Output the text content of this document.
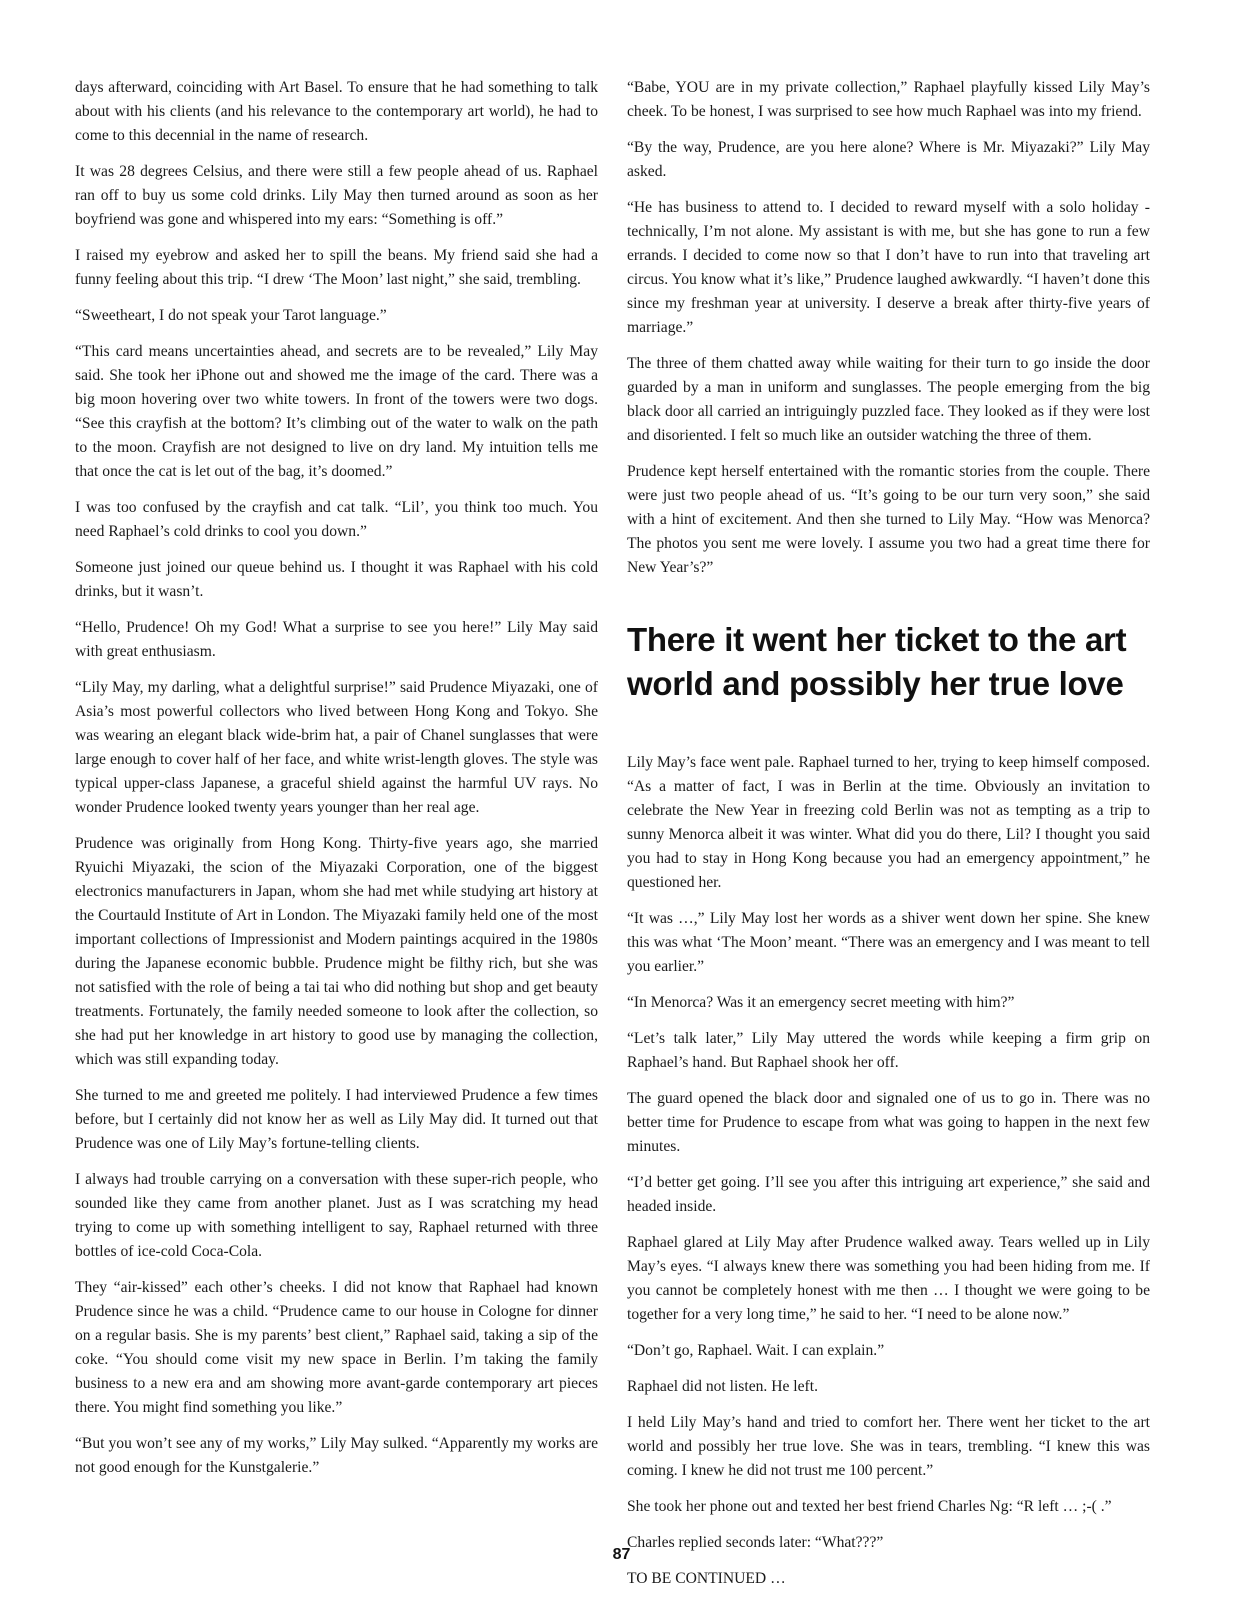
days afterward, coinciding with Art Basel. To ensure that he had something to talk about with his clients (and his relevance to the contemporary art world), he had to come to this decennial in the name of research.

It was 28 degrees Celsius, and there were still a few people ahead of us. Raphael ran off to buy us some cold drinks. Lily May then turned around as soon as her boyfriend was gone and whispered into my ears: “Something is off.”

I raised my eyebrow and asked her to spill the beans. My friend said she had a funny feeling about this trip. “I drew ‘The Moon’ last night,” she said, trembling.

“Sweetheart, I do not speak your Tarot language.”

“This card means uncertainties ahead, and secrets are to be revealed,” Lily May said. She took her iPhone out and showed me the image of the card. There was a big moon hovering over two white towers. In front of the towers were two dogs. “See this crayfish at the bottom? It’s climbing out of the water to walk on the path to the moon. Crayfish are not designed to live on dry land. My intuition tells me that once the cat is let out of the bag, it’s doomed.”

I was too confused by the crayfish and cat talk. “Lil’, you think too much. You need Raphael’s cold drinks to cool you down.”

Someone just joined our queue behind us. I thought it was Raphael with his cold drinks, but it wasn’t.

“Hello, Prudence! Oh my God! What a surprise to see you here!” Lily May said with great enthusiasm.

“Lily May, my darling, what a delightful surprise!” said Prudence Miyazaki, one of Asia’s most powerful collectors who lived between Hong Kong and Tokyo. She was wearing an elegant black wide-brim hat, a pair of Chanel sunglasses that were large enough to cover half of her face, and white wrist-length gloves. The style was typical upper-class Japanese, a graceful shield against the harmful UV rays. No wonder Prudence looked twenty years younger than her real age.

Prudence was originally from Hong Kong. Thirty-five years ago, she married Ryuichi Miyazaki, the scion of the Miyazaki Corporation, one of the biggest electronics manufacturers in Japan, whom she had met while studying art history at the Courtauld Institute of Art in London. The Miyazaki family held one of the most important collections of Impressionist and Modern paintings acquired in the 1980s during the Japanese economic bubble. Prudence might be filthy rich, but she was not satisfied with the role of being a tai tai who did nothing but shop and get beauty treatments. Fortunately, the family needed someone to look after the collection, so she had put her knowledge in art history to good use by managing the collection, which was still expanding today.

She turned to me and greeted me politely. I had interviewed Prudence a few times before, but I certainly did not know her as well as Lily May did. It turned out that Prudence was one of Lily May’s fortune-telling clients.

I always had trouble carrying on a conversation with these super-rich people, who sounded like they came from another planet. Just as I was scratching my head trying to come up with something intelligent to say, Raphael returned with three bottles of ice-cold Coca-Cola.

They “air-kissed” each other’s cheeks. I did not know that Raphael had known Prudence since he was a child. “Prudence came to our house in Cologne for dinner on a regular basis. She is my parents’ best client,” Raphael said, taking a sip of the coke. “You should come visit my new space in Berlin. I’m taking the family business to a new era and am showing more avant-garde contemporary art pieces there. You might find something you like.”

“But you won’t see any of my works,” Lily May sulked. “Apparently my works are not good enough for the Kunstgalerie.”

“Babe, YOU are in my private collection,” Raphael playfully kissed Lily May’s cheek. To be honest, I was surprised to see how much Raphael was into my friend.

“By the way, Prudence, are you here alone? Where is Mr. Miyazaki?” Lily May asked.

“He has business to attend to. I decided to reward myself with a solo holiday - technically, I’m not alone. My assistant is with me, but she has gone to run a few errands. I decided to come now so that I don’t have to run into that traveling art circus. You know what it’s like,” Prudence laughed awkwardly. “I haven’t done this since my freshman year at university. I deserve a break after thirty-five years of marriage.”

The three of them chatted away while waiting for their turn to go inside the door guarded by a man in uniform and sunglasses. The people emerging from the big black door all carried an intriguingly puzzled face. They looked as if they were lost and disoriented. I felt so much like an outsider watching the three of them.

Prudence kept herself entertained with the romantic stories from the couple. There were just two people ahead of us. “It’s going to be our turn very soon,” she said with a hint of excitement. And then she turned to Lily May. “How was Menorca? The photos you sent me were lovely. I assume you two had a great time there for New Year’s?”

There it went her ticket to the art world and possibly her true love

Lily May’s face went pale. Raphael turned to her, trying to keep himself composed. “As a matter of fact, I was in Berlin at the time. Obviously an invitation to celebrate the New Year in freezing cold Berlin was not as tempting as a trip to sunny Menorca albeit it was winter. What did you do there, Lil? I thought you said you had to stay in Hong Kong because you had an emergency appointment,” he questioned her.

“It was …,” Lily May lost her words as a shiver went down her spine. She knew this was what ‘The Moon’ meant. “There was an emergency and I was meant to tell you earlier.”

“In Menorca? Was it an emergency secret meeting with him?”

“Let’s talk later,” Lily May uttered the words while keeping a firm grip on Raphael’s hand. But Raphael shook her off.

The guard opened the black door and signaled one of us to go in. There was no better time for Prudence to escape from what was going to happen in the next few minutes.

“I’d better get going. I’ll see you after this intriguing art experience,” she said and headed inside.

Raphael glared at Lily May after Prudence walked away. Tears welled up in Lily May’s eyes. “I always knew there was something you had been hiding from me. If you cannot be completely honest with me then … I thought we were going to be together for a very long time,” he said to her. “I need to be alone now.”

“Don’t go, Raphael. Wait. I can explain.”

Raphael did not listen. He left.

I held Lily May’s hand and tried to comfort her. There went her ticket to the art world and possibly her true love. She was in tears, trembling. “I knew this was coming. I knew he did not trust me 100 percent.”

She took her phone out and texted her best friend Charles Ng: “R left … ;-( .”

Charles replied seconds later: “What???”

TO BE CONTINUED …

87
